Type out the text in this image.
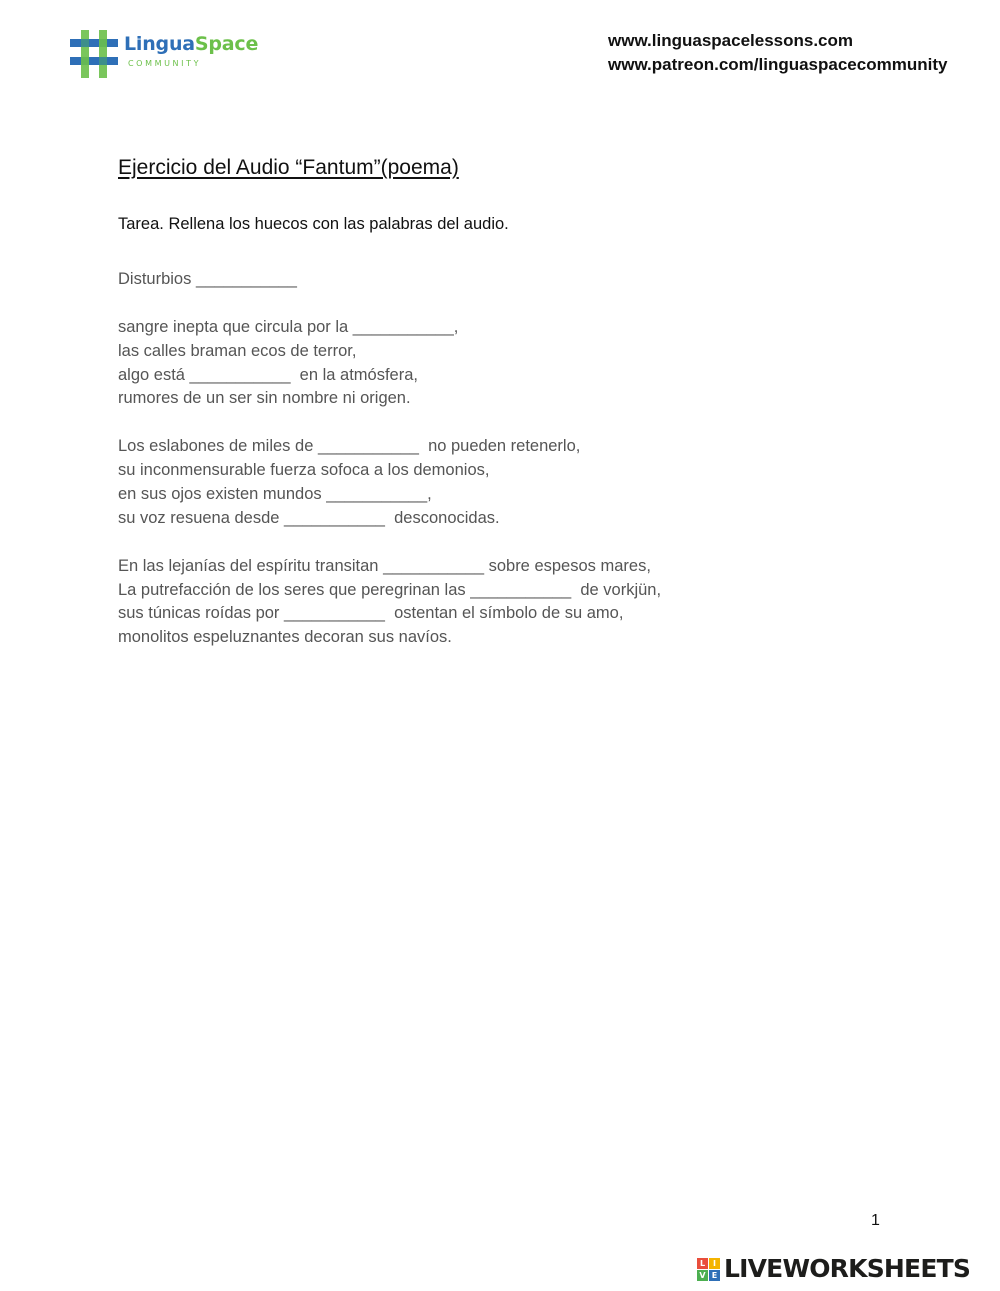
LinguaSpace
COMMUNITY
www.linguaspacelessons.com
www.patreon.com/linguaspacecommunity
Ejercicio del Audio “Fantum”(poema)
Tarea. Rellena los huecos con las palabras del audio.
Disturbios ___________
sangre inepta que circula por la ___________,
las calles braman ecos de terror,
algo está ___________  en la atmósfera,
rumores de un ser sin nombre ni origen.
Los eslabones de miles de ___________  no pueden retenerlo,
su inconmensurable fuerza sofoca a los demonios,
en sus ojos existen mundos ___________,
su voz resuena desde ___________  desconocidas.
En las lejanías del espíritu transitan ___________ sobre espesos mares,
La putrefacción de los seres que peregrinan las ___________  de vorkjün,
sus túnicas roídas por ___________  ostentan el símbolo de su amo,
monolitos espeluznantes decoran sus navíos.
1
L I
V E LIVEWORKSHEETS
